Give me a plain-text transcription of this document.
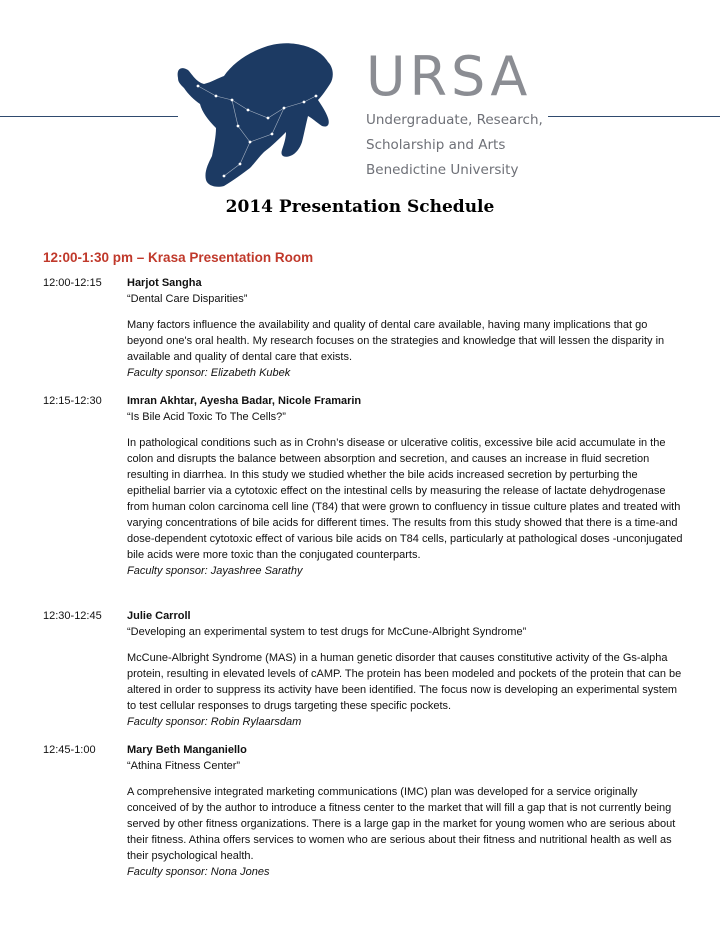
URSA
Undergraduate, Research,
Scholarship and Arts
Benedictine University
2014 Presentation Schedule
12:00-1:30 pm – Krasa Presentation Room
12:00-12:15	Harjot Sangha
“Dental Care Disparities”
Many factors influence the availability and quality of dental care available, having many implications that go beyond one's oral health. My research focuses on the strategies and knowledge that will lessen the disparity in available and quality of dental care that exists.
Faculty sponsor: Elizabeth Kubek
12:15-12:30	Imran Akhtar, Ayesha Badar, Nicole Framarin
“Is Bile Acid Toxic To The Cells?”
In pathological conditions such as in Crohn’s disease or ulcerative colitis, excessive bile acid accumulate in the colon and disrupts the balance between absorption and secretion, and causes an increase in fluid secretion resulting in diarrhea. In this study we studied whether the bile acids increased secretion by perturbing the epithelial barrier via a cytotoxic effect on the intestinal cells by measuring the release of lactate dehydrogenase from human colon carcinoma cell line (T84) that were grown to confluency in tissue culture plates and treated with varying concentrations of bile acids for different times. The results from this study showed that there is a time-and dose-dependent cytotoxic effect of various bile acids on T84 cells, particularly at pathological doses -unconjugated bile acids were more toxic than the conjugated counterparts.
Faculty sponsor: Jayashree Sarathy
12:30-12:45	Julie Carroll
“Developing an experimental system to test drugs for McCune-Albright Syndrome”
McCune-Albright Syndrome (MAS) in a human genetic disorder that causes constitutive activity of the Gs-alpha protein, resulting in elevated levels of cAMP. The protein has been modeled and pockets of the protein that can be altered in order to suppress its activity have been identified. The focus now is developing an experimental system to test cellular responses to drugs targeting these specific pockets.
Faculty sponsor: Robin Rylaarsdam
12:45-1:00	Mary Beth Manganiello
“Athina Fitness Center”
A comprehensive integrated marketing communications (IMC) plan was developed for a service originally conceived of by the author to introduce a fitness center to the market that will fill a gap that is not currently being served by other fitness organizations. There is a large gap in the market for young women who are serious about their fitness. Athina offers services to women who are serious about their fitness and nutritional health as well as their psychological health.
Faculty sponsor: Nona Jones
